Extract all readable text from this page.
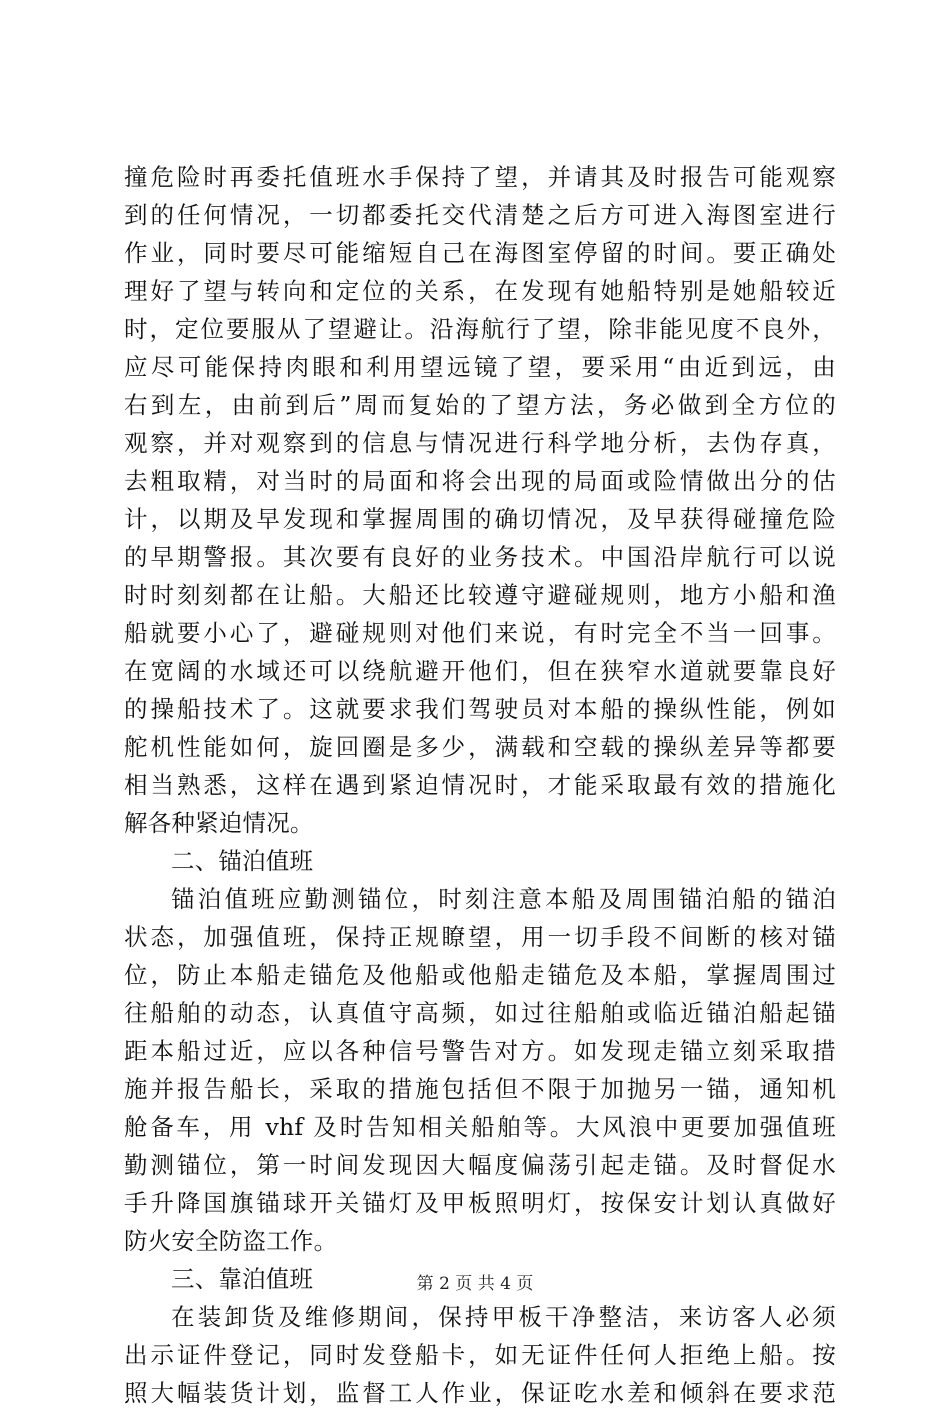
撞危险时再委托值班水手保持了望，并请其及时报告可能观察
到的任何情况，一切都委托交代清楚之后方可进入海图室进行
作业，同时要尽可能缩短自己在海图室停留的时间。要正确处
理好了望与转向和定位的关系，在发现有她船特别是她船较近
时，定位要服从了望避让。沿海航行了望，除非能见度不良外，
应尽可能保持肉眼和利用望远镜了望，要采用“由近到远，由
右到左，由前到后”周而复始的了望方法，务必做到全方位的
观察，并对观察到的信息与情况进行科学地分析，去伪存真，
去粗取精，对当时的局面和将会出现的局面或险情做出分的估
计，以期及早发现和掌握周围的确切情况，及早获得碰撞危险
的早期警报。其次要有良好的业务技术。中国沿岸航行可以说
时时刻刻都在让船。大船还比较遵守避碰规则，地方小船和渔
船就要小心了，避碰规则对他们来说，有时完全不当一回事。
在宽阔的水域还可以绕航避开他们，但在狭窄水道就要靠良好
的操船技术了。这就要求我们驾驶员对本船的操纵性能，例如
舵机性能如何，旋回圈是多少，满载和空载的操纵差异等都要
相当熟悉，这样在遇到紧迫情况时，才能采取最有效的措施化
解各种紧迫情况。
二、锚泊值班
锚泊值班应勤测锚位，时刻注意本船及周围锚泊船的锚泊
状态，加强值班，保持正规瞭望，用一切手段不间断的核对锚
位，防止本船走锚危及他船或他船走锚危及本船，掌握周围过
往船舶的动态，认真值守高频，如过往船舶或临近锚泊船起锚
距本船过近，应以各种信号警告对方。如发现走锚立刻采取措
施并报告船长，采取的措施包括但不限于加抛另一锚，通知机
舱备车，用 vhf 及时告知相关船舶等。大风浪中更要加强值班
勤测锚位，第一时间发现因大幅度偏荡引起走锚。及时督促水
手升降国旗锚球开关锚灯及甲板照明灯，按保安计划认真做好
防火安全防盗工作。
三、靠泊值班
在装卸货及维修期间，保持甲板干净整洁，来访客人必须
出示证件登记，同时发登船卡，如无证件任何人拒绝上船。按
照大幅装货计划，监督工人作业，保证吃水差和倾斜在要求范
第 2 页 共 4 页
